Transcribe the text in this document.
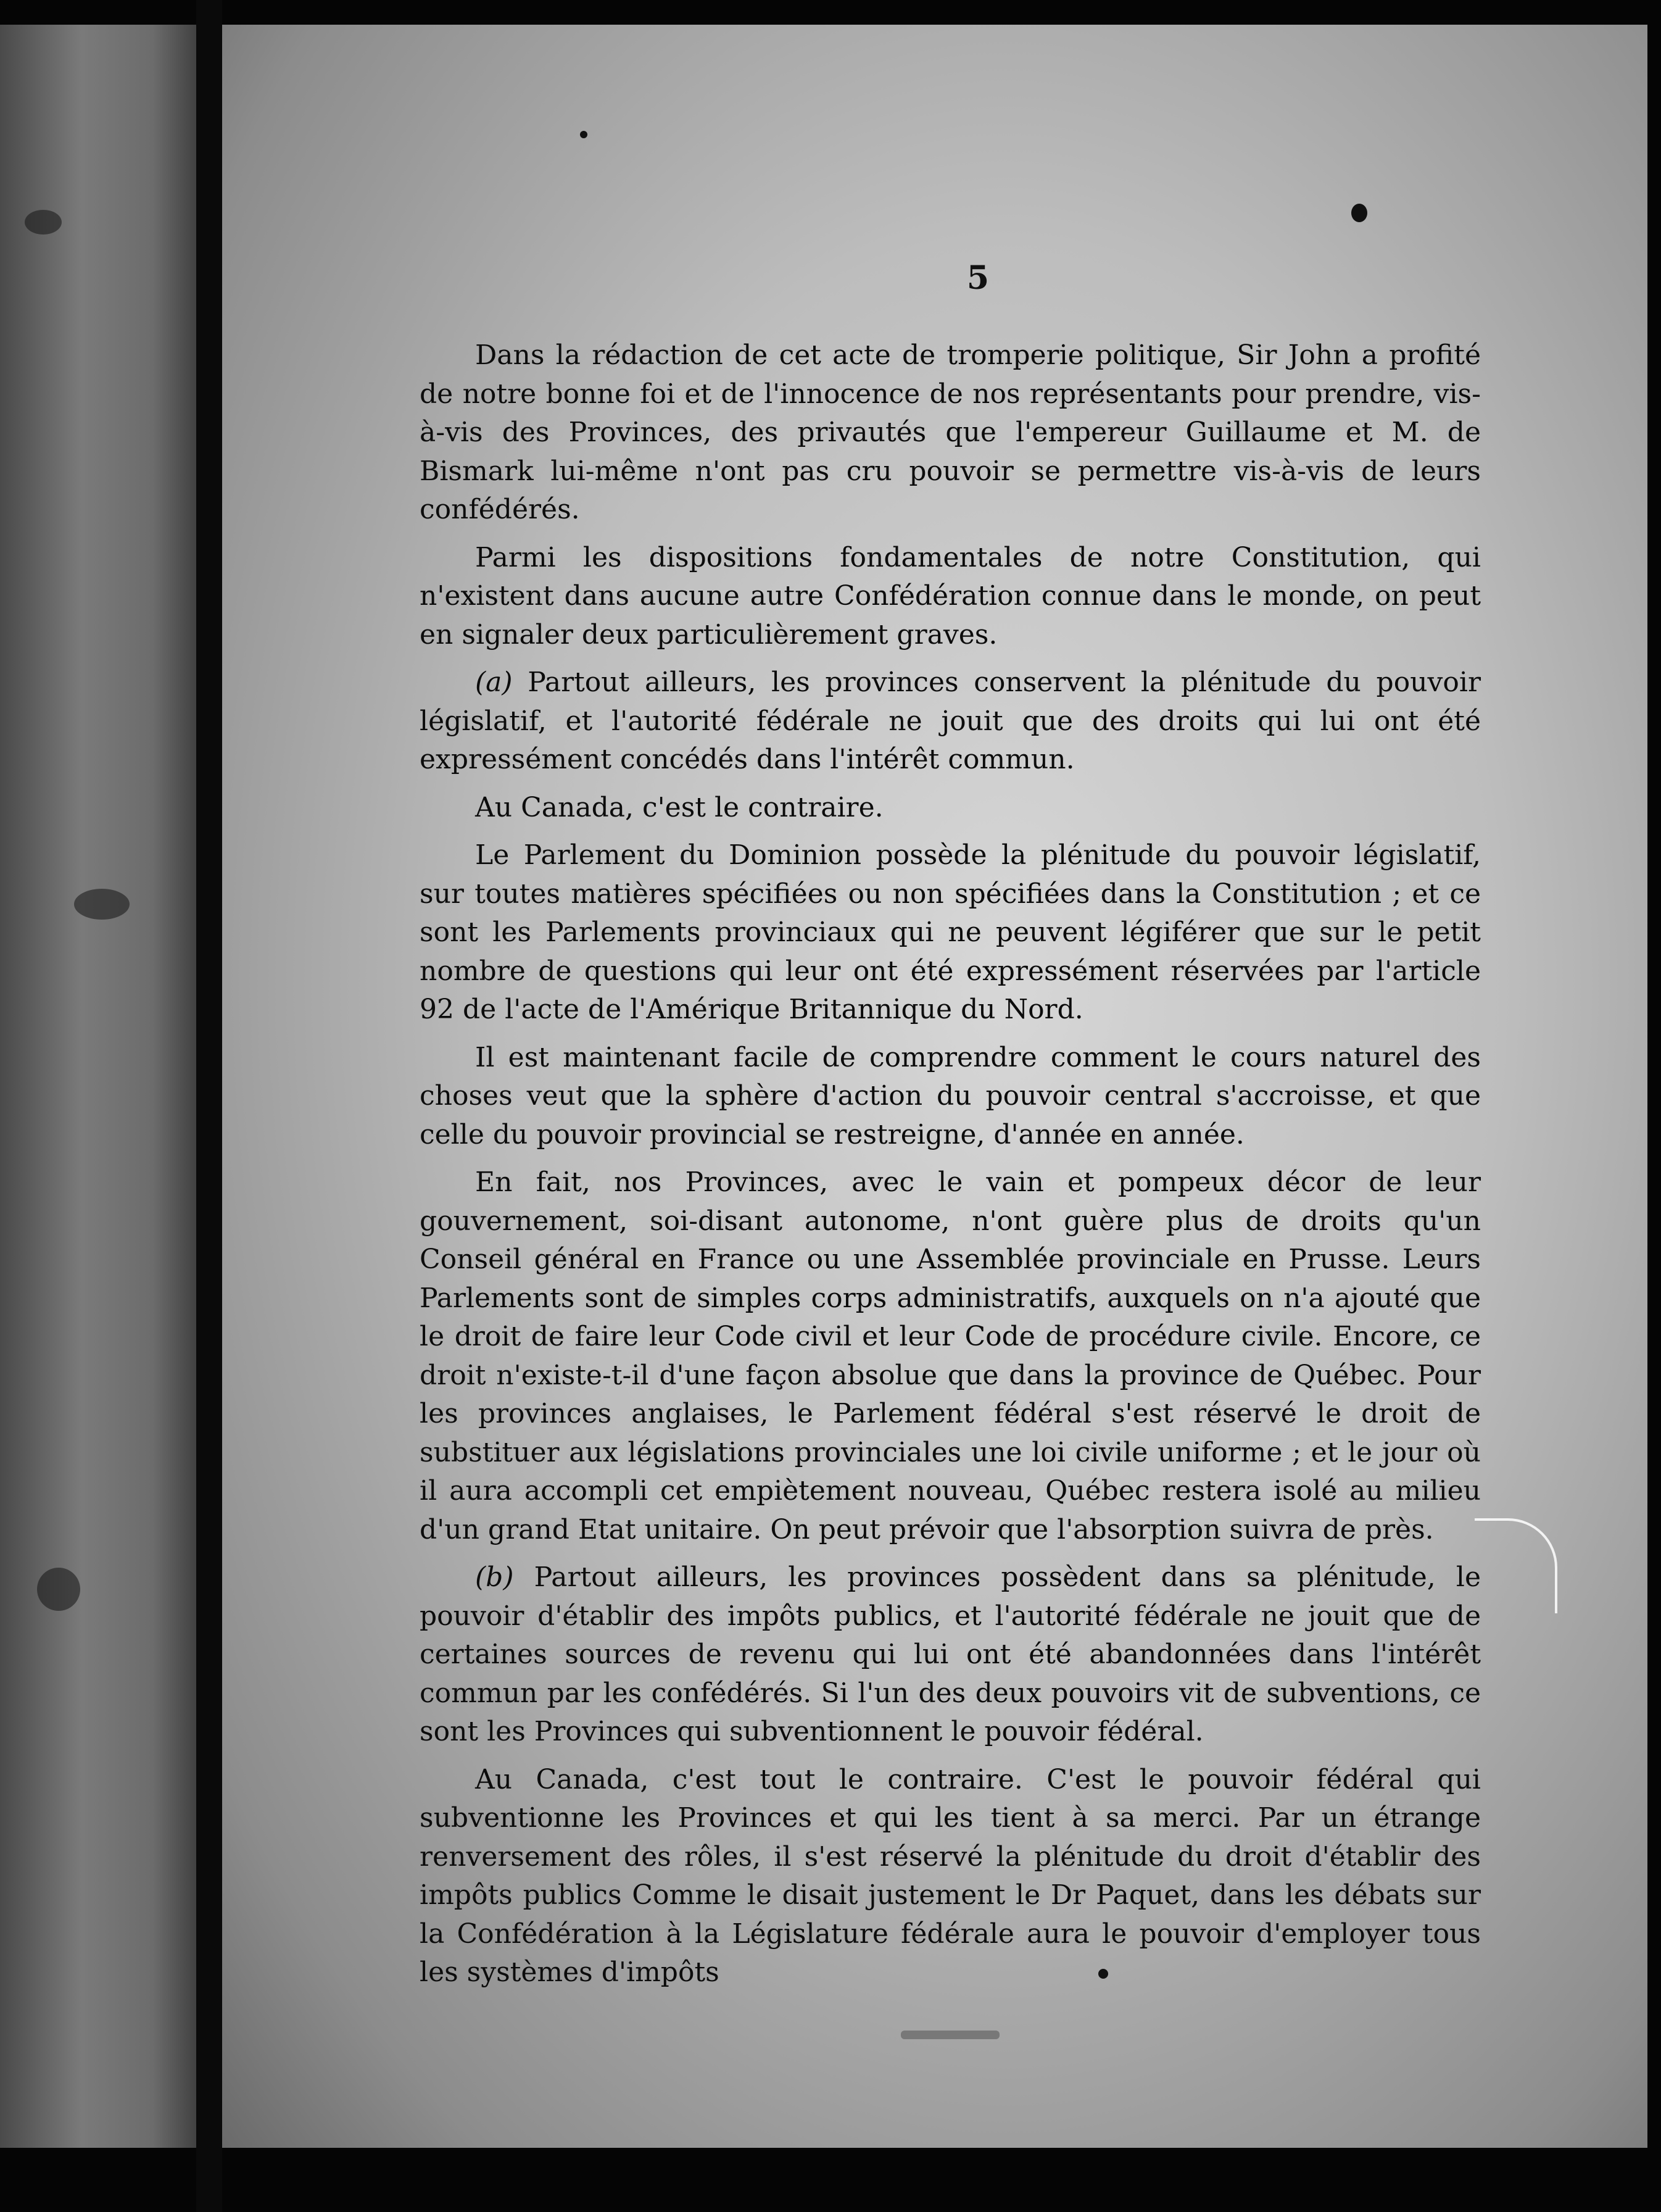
5

Dans la rédaction de cet acte de tromperie politique, Sir John a profité de notre bonne foi et de l'innocence de nos représentants pour prendre, vis-à-vis des Provinces, des privautés que l'empereur Guillaume et M. de Bismark lui-même n'ont pas cru pouvoir se permettre vis-à-vis de leurs confédérés.

Parmi les dispositions fondamentales de notre Constitution, qui n'existent dans aucune autre Confédération connue dans le monde, on peut en signaler deux particulièrement graves.

(a) Partout ailleurs, les provinces conservent la plénitude du pouvoir législatif, et l'autorité fédérale ne jouit que des droits qui lui ont été expressément concédés dans l'intérêt commun.

Au Canada, c'est le contraire.

Le Parlement du Dominion possède la plénitude du pouvoir législatif, sur toutes matières spécifiées ou non spécifiées dans la Constitution ; et ce sont les Parlements provinciaux qui ne peuvent légiférer que sur le petit nombre de questions qui leur ont été expressément réservées par l'article 92 de l'acte de l'Amérique Britannique du Nord.

Il est maintenant facile de comprendre comment le cours naturel des choses veut que la sphère d'action du pouvoir central s'accroisse, et que celle du pouvoir provincial se restreigne, d'année en année.

En fait, nos Provinces, avec le vain et pompeux décor de leur gouvernement, soi-disant autonome, n'ont guère plus de droits qu'un Conseil général en France ou une Assemblée provinciale en Prusse. Leurs Parlements sont de simples corps administratifs, auxquels on n'a ajouté que le droit de faire leur Code civil et leur Code de procédure civile. Encore, ce droit n'existe-t-il d'une façon absolue que dans la province de Québec. Pour les provinces anglaises, le Parlement fédéral s'est réservé le droit de substituer aux législations provinciales une loi civile uniforme ; et le jour où il aura accompli cet empiètement nouveau, Québec restera isolé au milieu d'un grand Etat unitaire. On peut prévoir que l'absorption suivra de près.

(b) Partout ailleurs, les provinces possèdent dans sa plénitude, le pouvoir d'établir des impôts publics, et l'autorité fédérale ne jouit que de certaines sources de revenu qui lui ont été abandonnées dans l'intérêt commun par les confédérés. Si l'un des deux pouvoirs vit de subventions, ce sont les Provinces qui subventionnent le pouvoir fédéral.

Au Canada, c'est tout le contraire. C'est le pouvoir fédéral qui subventionne les Provinces et qui les tient à sa merci. Par un étrange renversement des rôles, il s'est réservé la plénitude du droit d'établir des impôts publics Comme le disait justement le Dr Paquet, dans les débats sur la Confédération à la Législature fédérale aura le pouvoir d'employer tous les systèmes d'impôts
